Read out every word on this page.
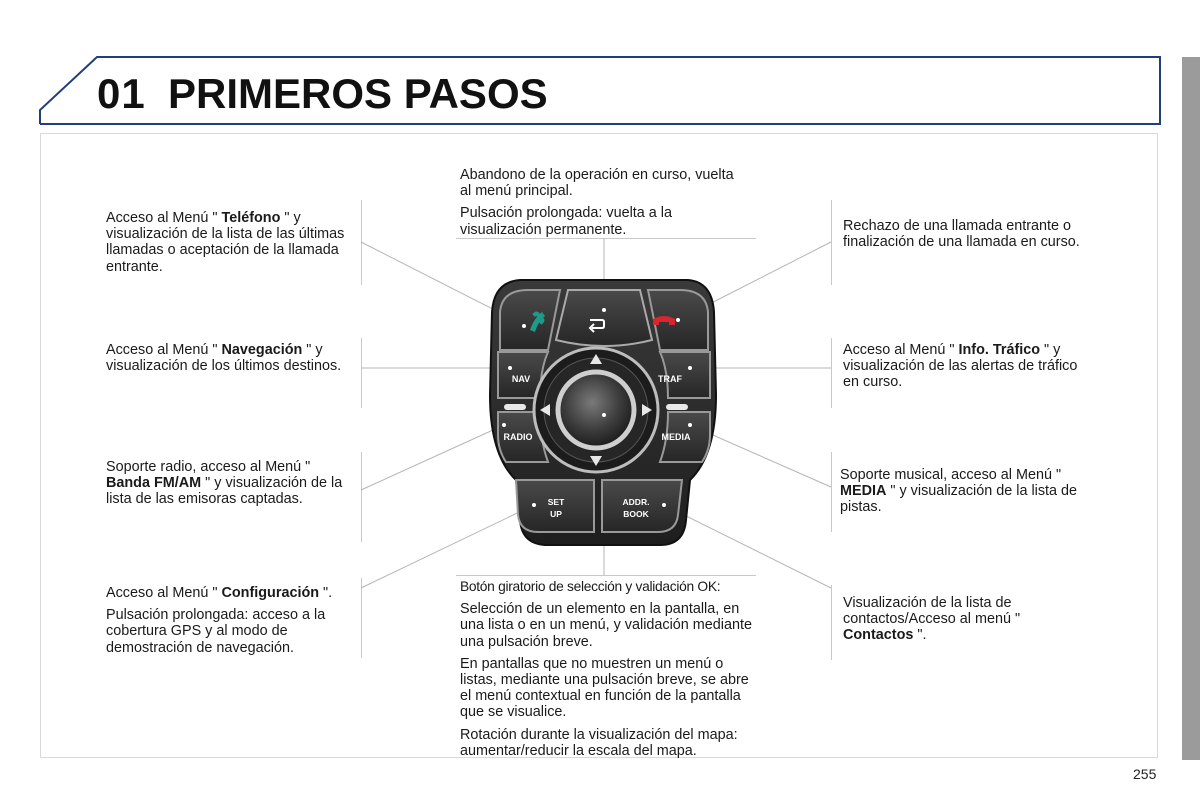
01 PRIMEROS PASOS
NAV	TRAF
RADIO	MEDIA
SET
UP
ADDR.
BOOK

Acceso al Menú " Teléfono " y visualización de la lista de las últimas llamadas o aceptación de la llamada entrante.

Acceso al Menú " Navegación " y visualización de los últimos destinos.

Soporte radio, acceso al Menú " Banda FM/AM " y visualización de la lista de las emisoras captadas.

Acceso al Menú " Configuración ".

Pulsación prolongada: acceso a la cobertura GPS y al modo de demostración de navegación.

Abandono de la operación en curso, vuelta al menú principal.

Pulsación prolongada: vuelta a la visualización permanente.

Botón giratorio de selección y validación OK:

Selección de un elemento en la pantalla, en una lista o en un menú, y validación mediante una pulsación breve.

En pantallas que no muestren un menú o listas, mediante una pulsación breve, se abre el menú contextual en función de la pantalla que se visualice.

Rotación durante la visualización del mapa: aumentar/reducir la escala del mapa.

Rechazo de una llamada entrante o finalización de una llamada en curso.

Acceso al Menú " Info. Tráfico " y visualización de las alertas de tráfico en curso.

Soporte musical, acceso al Menú " MEDIA " y visualización de la lista de pistas.

Visualización de la lista de contactos/Acceso al menú " Contactos ".

255
